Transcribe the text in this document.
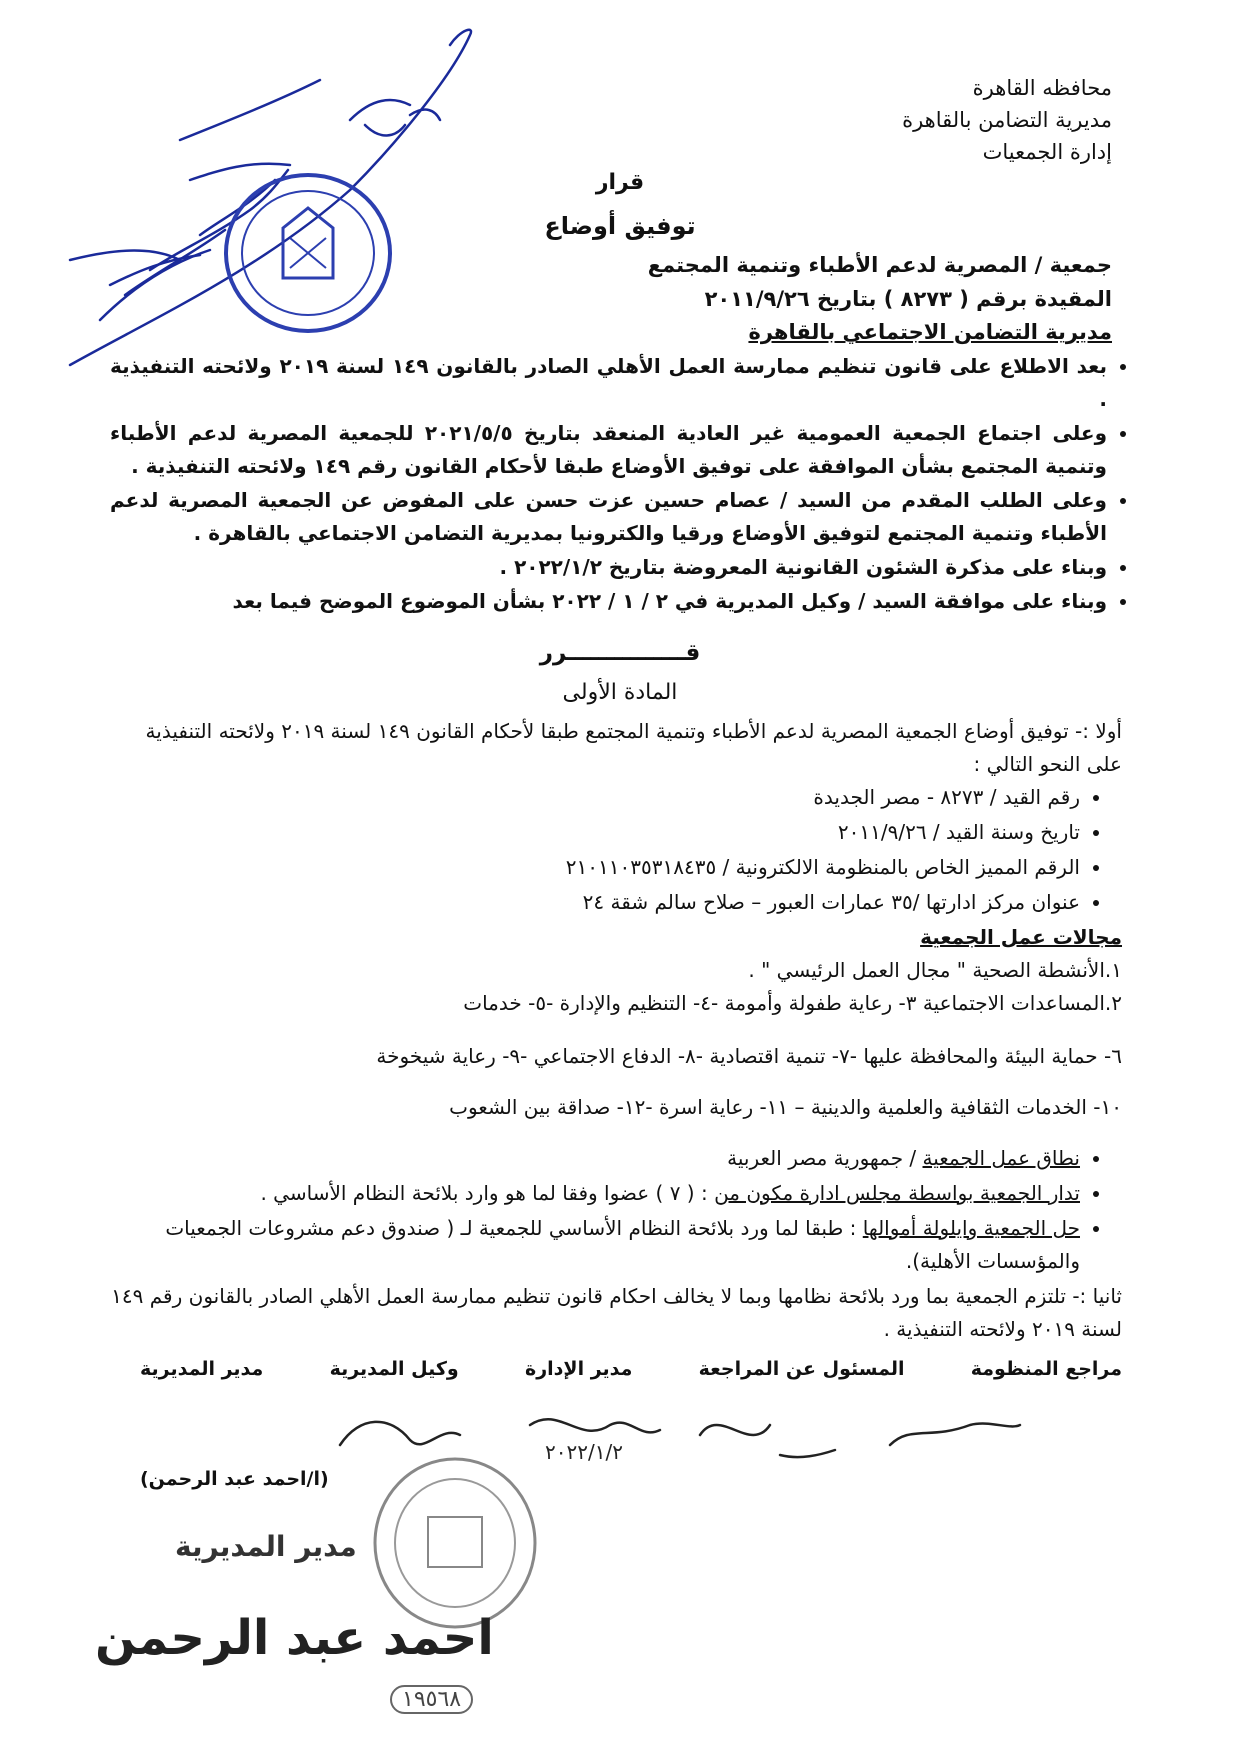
محافظه القاهرة
مديرية التضامن بالقاهرة
إدارة الجمعيات
قرار
توفيق أوضاع
جمعية / المصرية لدعم الأطباء وتنمية المجتمع
المقيدة برقم ( ٨٢٧٣ ) بتاريخ ٢٠١١/٩/٢٦
مديرية التضامن الاجتماعي بالقاهرة
• بعد الاطلاع على قانون تنظيم ممارسة العمل الأهلي الصادر بالقانون ١٤٩ لسنة ٢٠١٩ ولائحته التنفيذية .
• وعلى اجتماع الجمعية العمومية غير العادية المنعقد بتاريخ ٢٠٢١/٥/٥ للجمعية المصرية لدعم الأطباء وتنمية المجتمع بشأن الموافقة على توفيق الأوضاع طبقا لأحكام القانون رقم ١٤٩ ولائحته التنفيذية .
• وعلى الطلب المقدم من السيد / عصام حسين عزت حسن على المفوض عن الجمعية المصرية لدعم الأطباء وتنمية المجتمع لتوفيق الأوضاع ورقيا والكترونيا بمديرية التضامن الاجتماعي بالقاهرة .
• وبناء على مذكرة الشئون القانونية المعروضة بتاريخ ٢٠٢٢/١/٢ .
• وبناء على موافقة السيد / وكيل المديرية في ٢ / ١ / ٢٠٢٢ بشأن الموضوع الموضح فيما بعد
قـــــــــــــــرر
المادة الأولى
أولا :- توفيق أوضاع الجمعية المصرية لدعم الأطباء وتنمية المجتمع طبقا لأحكام القانون ١٤٩ لسنة ٢٠١٩ ولائحته التنفيذية على النحو التالي :
• رقم القيد / ٨٢٧٣ - مصر الجديدة
• تاريخ وسنة القيد / ٢٠١١/٩/٢٦
• الرقم المميز الخاص بالمنظومة الالكترونية / ٢١٠١١٠٣٥٣١٨٤٣٥
• عنوان مركز ادارتها /٣٥ عمارات العبور – صلاح سالم شقة ٢٤
مجالات عمل الجمعية
١.الأنشطة الصحية " مجال العمل الرئيسي " .
٢.المساعدات الاجتماعية ٣- رعاية طفولة وأمومة -٤- التنظيم والإدارة -٥- خدمات
٦- حماية البيئة والمحافظة عليها -٧- تنمية اقتصادية -٨- الدفاع الاجتماعي -٩- رعاية شيخوخة
١٠- الخدمات الثقافية والعلمية والدينية – ١١- رعاية اسرة -١٢- صداقة بين الشعوب
• نطاق عمل الجمعية / جمهورية مصر العربية
• تدار الجمعية بواسطة مجلس ادارة مكون من : ( ٧ ) عضوا وفقا لما هو وارد بلائحة النظام الأساسي .
• حل الجمعية وايلولة أموالها : طبقا لما ورد بلائحة النظام الأساسي للجمعية لـ ( صندوق دعم مشروعات الجمعيات والمؤسسات الأهلية).
ثانيا :- تلتزم الجمعية بما ورد بلائحة نظامها وبما لا يخالف احكام قانون تنظيم ممارسة العمل الأهلي الصادر بالقانون رقم ١٤٩ لسنة ٢٠١٩ ولائحته التنفيذية .
مراجع المنظومة
المسئول عن المراجعة
مدير الإدارة
وكيل المديرية
مدير المديرية
٢٠٢٢/١/٢
(ا/احمد عبد الرحمن)
مدير المديرية
احمد عبد الرحمن
١٩٥٦٨
